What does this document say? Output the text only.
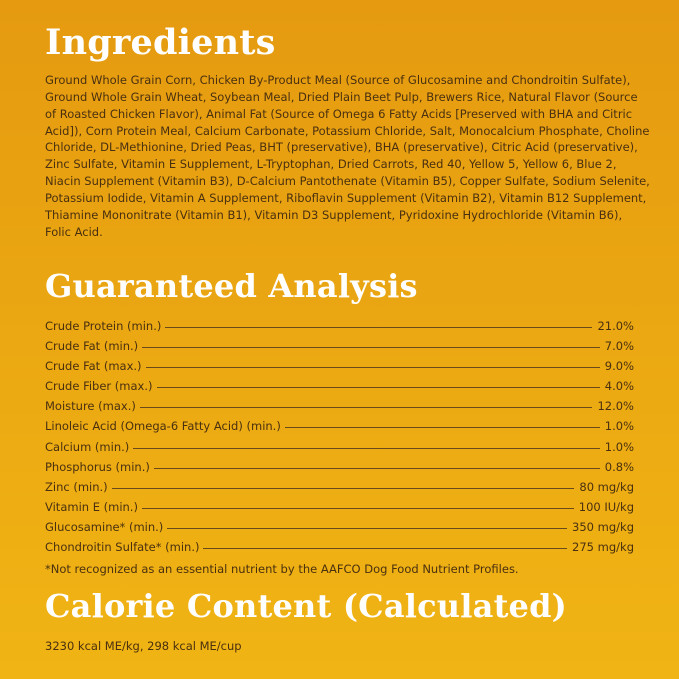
Ingredients

Ground Whole Grain Corn, Chicken By-Product Meal (Source of Glucosamine and Chondroitin Sulfate), Ground Whole Grain Wheat, Soybean Meal, Dried Plain Beet Pulp, Brewers Rice, Natural Flavor (Source of Roasted Chicken Flavor), Animal Fat (Source of Omega 6 Fatty Acids [Preserved with BHA and Citric Acid]), Corn Protein Meal, Calcium Carbonate, Potassium Chloride, Salt, Monocalcium Phosphate, Choline Chloride, DL-Methionine, Dried Peas, BHT (preservative), BHA (preservative), Citric Acid (preservative), Zinc Sulfate, Vitamin E Supplement, L-Tryptophan, Dried Carrots, Red 40, Yellow 5, Yellow 6, Blue 2, Niacin Supplement (Vitamin B3), D-Calcium Pantothenate (Vitamin B5), Copper Sulfate, Sodium Selenite, Potassium Iodide, Vitamin A Supplement, Riboflavin Supplement (Vitamin B2), Vitamin B12 Supplement, Thiamine Mononitrate (Vitamin B1), Vitamin D3 Supplement, Pyridoxine Hydrochloride (Vitamin B6), Folic Acid.

Guaranteed Analysis
Crude Protein (min.)	21.0%
Crude Fat (min.)	7.0%
Crude Fat (max.)	9.0%
Crude Fiber (max.)	4.0%
Moisture (max.)	12.0%
Linoleic Acid (Omega-6 Fatty Acid) (min.)	1.0%
Calcium (min.)	1.0%
Phosphorus (min.)	0.8%
Zinc (min.)	80 mg/kg
Vitamin E (min.)	100 IU/kg
Glucosamine* (min.)	350 mg/kg
Chondroitin Sulfate* (min.)	275 mg/kg

*Not recognized as an essential nutrient by the AAFCO Dog Food Nutrient Profiles.

Calorie Content (Calculated)

3230 kcal ME/kg, 298 kcal ME/cup
